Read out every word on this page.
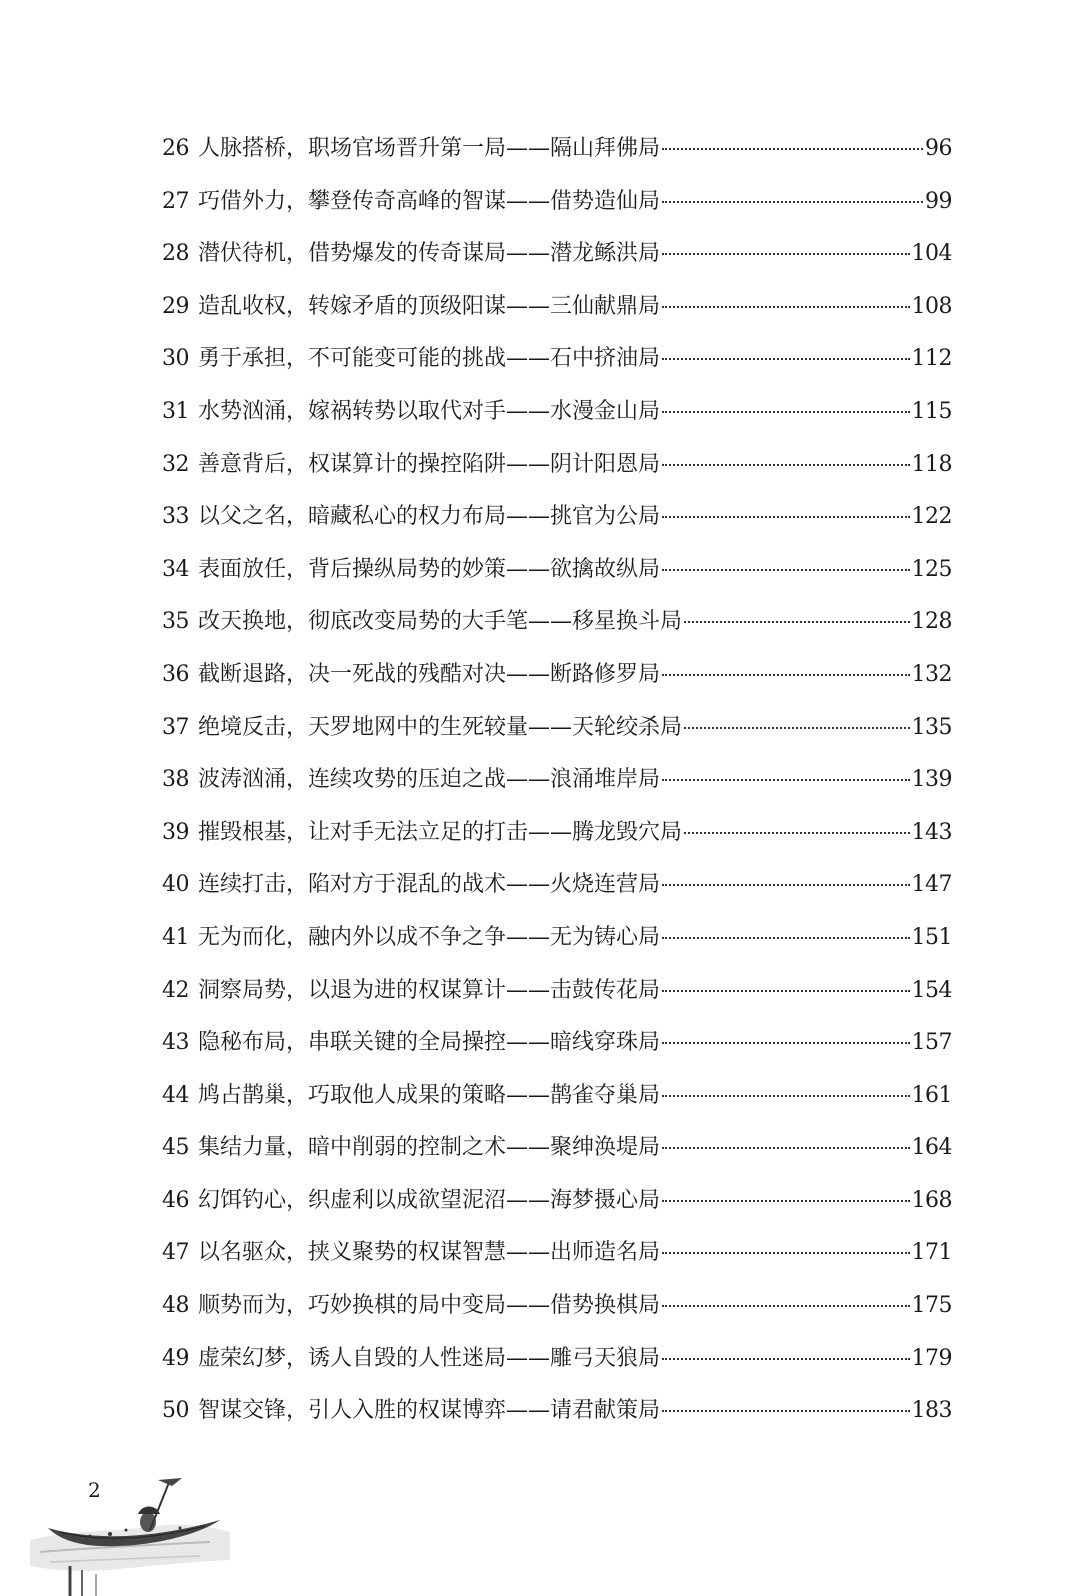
26 人脉搭桥，职场官场晋升第一局——隔山拜佛局	96
27 巧借外力，攀登传奇高峰的智谋——借势造仙局	99
28 潜伏待机，借势爆发的传奇谋局——潜龙鲧洪局	104
29 造乱收权，转嫁矛盾的顶级阳谋——三仙献鼎局	108
30 勇于承担，不可能变可能的挑战——石中挤油局	112
31 水势汹涌，嫁祸转势以取代对手——水漫金山局	115
32 善意背后，权谋算计的操控陷阱——阴计阳恩局	118
33 以父之名，暗藏私心的权力布局——挑官为公局	122
34 表面放任，背后操纵局势的妙策——欲擒故纵局	125
35 改天换地，彻底改变局势的大手笔——移星换斗局	128
36 截断退路，决一死战的残酷对决——断路修罗局	132
37 绝境反击，天罗地网中的生死较量——天轮绞杀局	135
38 波涛汹涌，连续攻势的压迫之战——浪涌堆岸局	139
39 摧毁根基，让对手无法立足的打击——腾龙毁穴局	143
40 连续打击，陷对方于混乱的战术——火烧连营局	147
41 无为而化，融内外以成不争之争——无为铸心局	151
42 洞察局势，以退为进的权谋算计——击鼓传花局	154
43 隐秘布局，串联关键的全局操控——暗线穿珠局	157
44 鸠占鹊巢，巧取他人成果的策略——鹊雀夺巢局	161
45 集结力量，暗中削弱的控制之术——聚绅涣堤局	164
46 幻饵钓心，织虚利以成欲望泥沼——海梦摄心局	168
47 以名驱众，挟义聚势的权谋智慧——出师造名局	171
48 顺势而为，巧妙换棋的局中变局——借势换棋局	175
49 虚荣幻梦，诱人自毁的人性迷局——雕弓天狼局	179
50 智谋交锋，引人入胜的权谋博弈——请君献策局	183
2
